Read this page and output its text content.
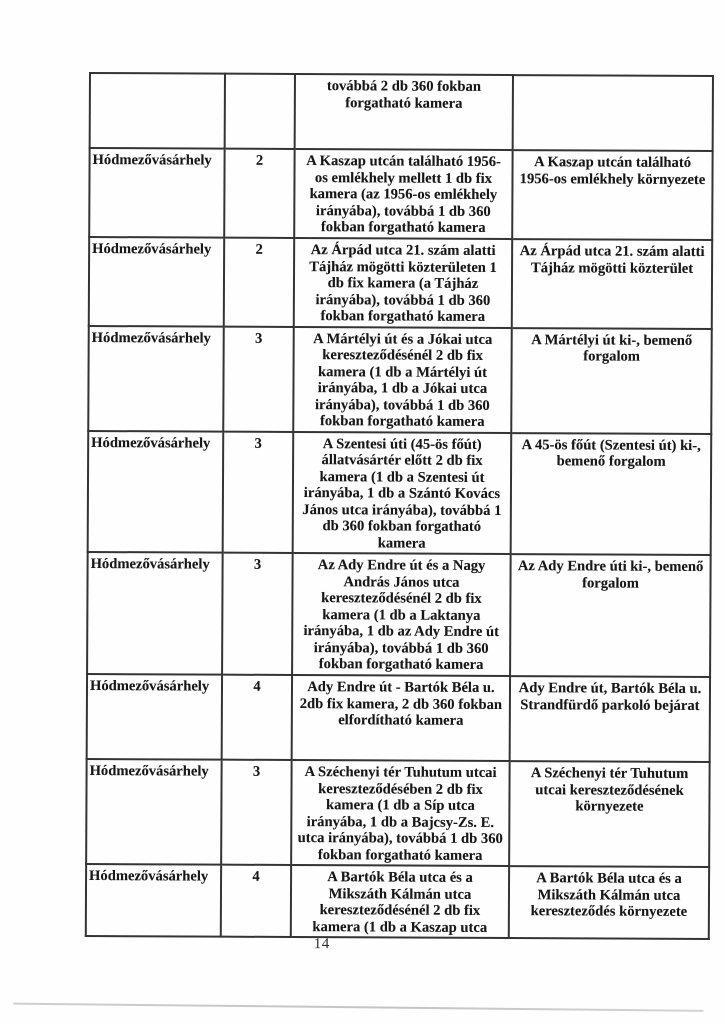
		továbbá 2 db 360 fokban
forgatható kamera	
Hódmezővásárhely	2	A Kaszap utcán található 1956-
os emlékhely mellett 1 db fix
kamera (az 1956-os emlékhely
irányába), továbbá 1 db 360
fokban forgatható kamera	A Kaszap utcán található
1956-os emlékhely környezete
Hódmezővásárhely	2	Az Árpád utca 21. szám alatti
Tájház mögötti közterületen 1
db fix kamera (a Tájház
irányába), továbbá 1 db 360
fokban forgatható kamera	Az Árpád utca 21. szám alatti
Tájház mögötti közterület
Hódmezővásárhely	3	A Mártélyi út és a Jókai utca
kereszteződésénél 2 db fix
kamera (1 db a Mártélyi út
irányába, 1 db a Jókai utca
irányába), továbbá 1 db 360
fokban forgatható kamera	A Mártélyi út ki-, bemenő
forgalom
Hódmezővásárhely	3	A Szentesi úti (45-ös főút)
állatvásártér előtt 2 db fix
kamera (1 db a Szentesi út
irányába, 1 db a Szántó Kovács
János utca irányába), továbbá 1
db 360 fokban forgatható
kamera	A 45-ös főút (Szentesi út) ki-,
bemenő forgalom
Hódmezővásárhely	3	Az Ady Endre út és a Nagy
András János utca
kereszteződésénél 2 db fix
kamera (1 db a Laktanya
irányába, 1 db az Ady Endre út
irányába), továbbá 1 db 360
fokban forgatható kamera	Az Ady Endre úti ki-, bemenő
forgalom
Hódmezővásárhely	4	Ady Endre út - Bartók Béla u.
2db fix kamera, 2 db 360 fokban
elfordítható kamera	Ady Endre út, Bartók Béla u.
Strandfürdő parkoló bejárat
Hódmezővásárhely	3	A Széchenyi tér Tuhutum utcai
kereszteződésében 2 db fix
kamera (1 db a Síp utca
irányába, 1 db a Bajcsy-Zs. E.
utca irányába), továbbá 1 db 360
fokban forgatható kamera	A Széchenyi tér Tuhutum
utcai kereszteződésének
környezete
Hódmezővásárhely	4	A Bartók Béla utca és a
Mikszáth Kálmán utca
kereszteződésénél 2 db fix
kamera (1 db a Kaszap utca	A Bartók Béla utca és a
Mikszáth Kálmán utca
kereszteződés környezete
14
